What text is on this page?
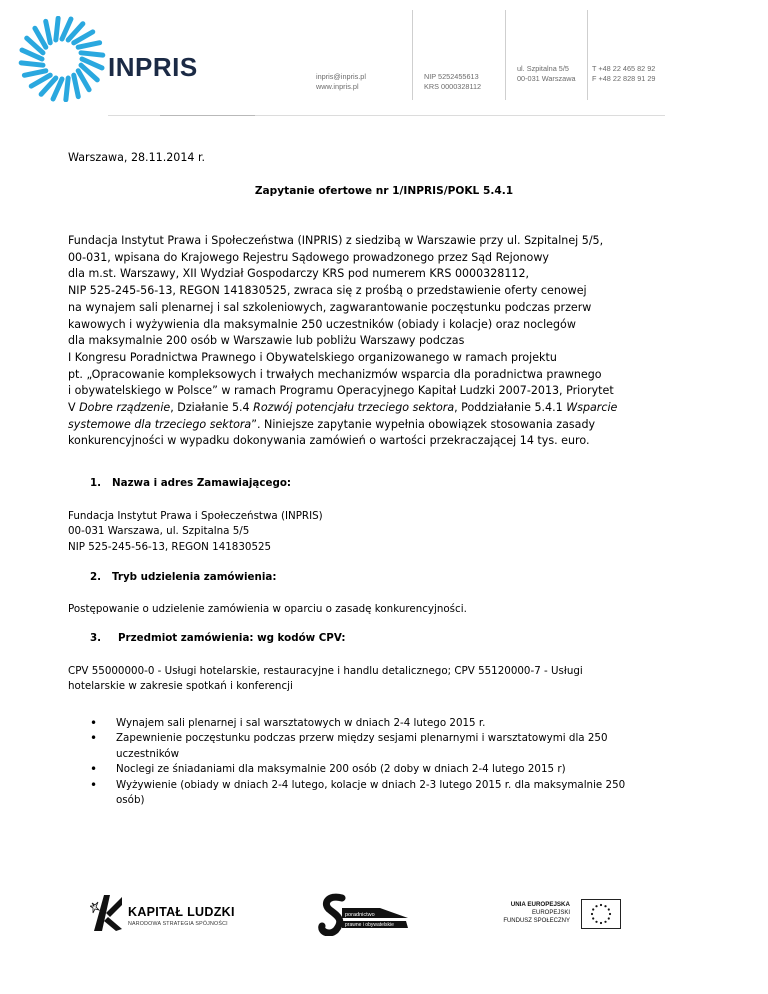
INPRIS	inpris@inpris.pl
www.inpris.pl
NIP 5252455613
KRS 0000328112
ul. Szpitalna 5/5
00-031 Warszawa
T +48 22 465 82 92
F +48 22 828 91 29
Warszawa, 28.11.2014 r.
Zapytanie ofertowe nr 1/INPRIS/POKL 5.4.1
Fundacja Instytut Prawa i Społeczeństwa (INPRIS) z siedzibą w Warszawie przy ul. Szpitalnej 5/5,
00-031, wpisana do Krajowego Rejestru Sądowego prowadzonego przez Sąd Rejonowy
dla m.st. Warszawy, XII Wydział Gospodarczy KRS pod numerem KRS 0000328112,
NIP 525-245-56-13, REGON 141830525, zwraca się z prośbą o przedstawienie oferty cenowej
na wynajem sali plenarnej i sal szkoleniowych, zagwarantowanie poczęstunku podczas przerw
kawowych i wyżywienia dla maksymalnie 250 uczestników (obiady i kolacje) oraz noclegów
dla maksymalnie 200 osób w Warszawie lub pobliżu Warszawy podczas
I Kongresu Poradnictwa Prawnego i Obywatelskiego organizowanego w ramach projektu
pt. „Opracowanie kompleksowych i trwałych mechanizmów wsparcia dla poradnictwa prawnego
i obywatelskiego w Polsce” w ramach Programu Operacyjnego Kapitał Ludzki 2007-2013, Priorytet
V Dobre rządzenie, Działanie 5.4 Rozwój potencjału trzeciego sektora, Poddziałanie 5.4.1 Wsparcie
systemowe dla trzeciego sektora”. Niniejsze zapytanie wypełnia obowiązek stosowania zasady
konkurencyjności w wypadku dokonywania zamówień o wartości przekraczającej 14 tys. euro.
1. Nazwa i adres Zamawiającego:
Fundacja Instytut Prawa i Społeczeństwa (INPRIS)
00-031 Warszawa, ul. Szpitalna 5/5
NIP 525-245-56-13, REGON 141830525
2. Tryb udzielenia zamówienia:
Postępowanie o udzielenie zamówienia w oparciu o zasadę konkurencyjności.
3. Przedmiot zamówienia: wg kodów CPV:
CPV 55000000-0 - Usługi hotelarskie, restauracyjne i handlu detalicznego; CPV 55120000-7 - Usługi
hotelarskie w zakresie spotkań i konferencji
• Wynajem sali plenarnej i sal warsztatowych w dniach 2-4 lutego 2015 r.
• Zapewnienie poczęstunku podczas przerw między sesjami plenarnymi i warsztatowymi dla 250
uczestników
• Noclegi ze śniadaniami dla maksymalnie 200 osób (2 doby w dniach 2-4 lutego 2015 r)
• Wyżywienie (obiady w dniach 2-4 lutego, kolacje w dniach 2-3 lutego 2015 r. dla maksymalnie 250
osób)
KAPITAŁ LUDZKI
NARODOWA STRATEGIA SPÓJNOŚCI
poradnictwo
prawne i obywatelskie
UNIA EUROPEJSKA
EUROPEJSKI
FUNDUSZ SPOŁECZNY
